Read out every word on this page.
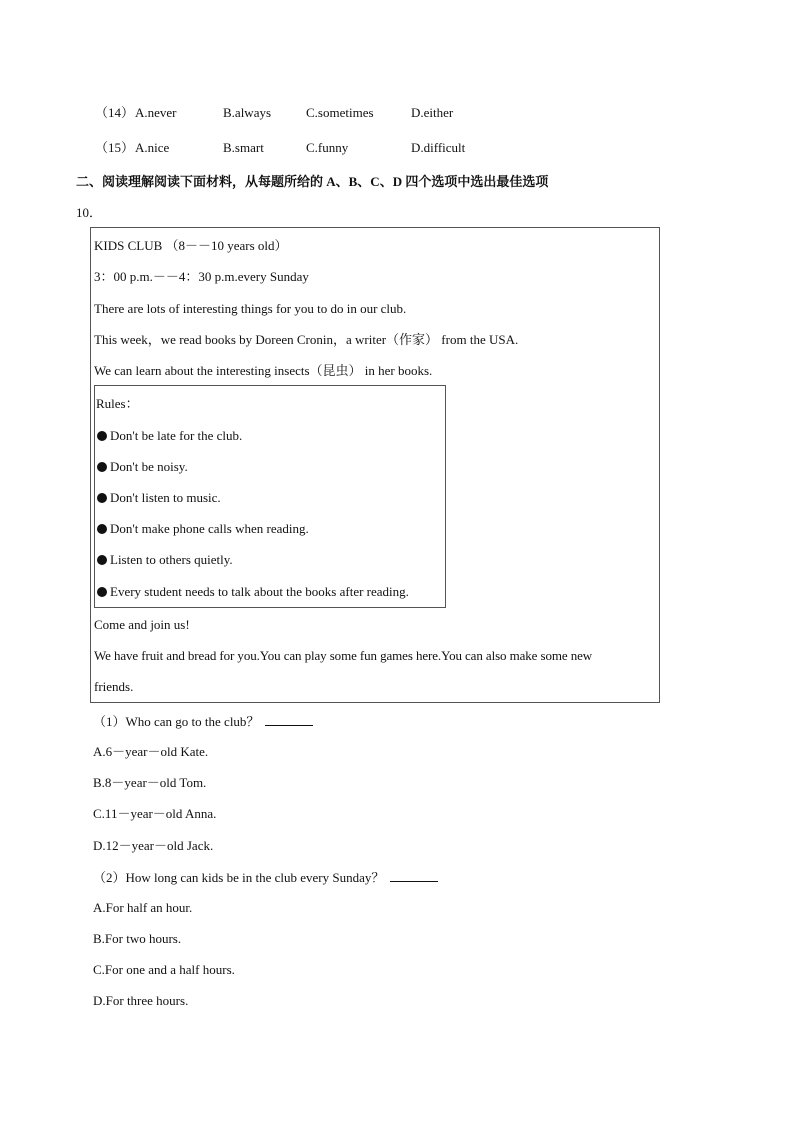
（14） A.never	B.always	C.sometimes	D.either
（15） A.nice	B.smart	C.funny	D.difficult
二、阅读理解阅读下面材料，从每题所给的 A、B、C、D 四个选项中选出最佳选项
10．
KIDS CLUB （8－－10 years old）
3：00 p.m.－－4：30 p.m.every Sunday
There are lots of interesting things for you to do in our club.
This week，we read books by Doreen Cronin，a writer（作家） from the USA.
We can learn about the interesting insects（昆虫） in her books.
Rules：
Don't be late for the club.
Don't be noisy.
Don't listen to music.
Don't make phone calls when reading.
Listen to others quietly.
Every student needs to talk about the books after reading.
Come and join us!
We have fruit and bread for you.You can play some fun games here.You can also make some new
friends.
（1）Who can go to the club？
A.6－year－old Kate.
B.8－year－old Tom.
C.11－year－old Anna.
D.12－year－old Jack.
（2）How long can kids be in the club every Sunday？
A.For half an hour.
B.For two hours.
C.For one and a half hours.
D.For three hours.
